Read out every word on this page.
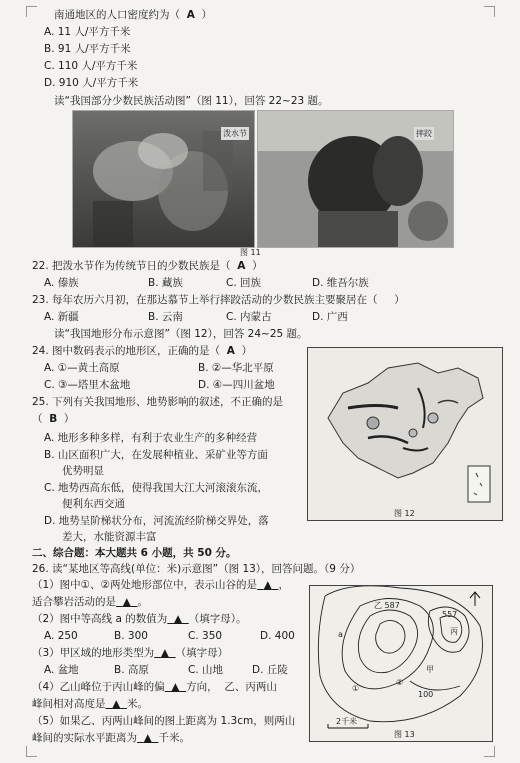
南通地区的人口密度约为（ A ）
A. 11 人/平方千米
B. 91 人/平方千米
C. 110 人/平方千米
D. 910 人/平方千米
读“我国部分少数民族活动图”（图 11），回答 22~23 题。
泼水节	摔跤
图 11
22. 把泼水节作为传统节日的少数民族是（ A ）
A. 傣族	B. 藏族	C. 回族	D. 维吾尔族
23. 每年农历六月初，在那达慕节上举行摔跤活动的少数民族主要聚居在（ ）
A. 新疆	B. 云南	C. 内蒙古	D. 广西
读“我国地形分布示意图”（图 12），回答 24~25 题。
24. 图中数码表示的地形区，正确的是（ A ）
A. ①—黄土高原	B. ②—华北平原
C. ③—塔里木盆地	D. ④—四川盆地
25. 下列有关我国地形、地势影响的叙述，不正确的是
（ B ）
A. 地形多种多样，有利于农业生产的多种经营
B. 山区面积广大，在发展种植业、采矿业等方面
优势明显
C. 地势西高东低，使得我国大江大河滚滚东流，
便利东西交通
D. 地势呈阶梯状分布，河流流经阶梯交界处，落
差大，水能资源丰富
图 12
二、综合题：本大题共 6 小题，共 50 分。
26. 读“某地区等高线(单位：米)示意图”（图 13），回答问题。（9 分）
（1）图中①、②两处地形部位中，表示山谷的是 ▲ ，
适合攀岩活动的是 ▲ 。
（2）图中等高线 a 的数值为 ▲ （填字母）。
A. 250	B. 300	C. 350	D. 400
（3）甲区域的地形类型为 ▲ （填字母）
A. 盆地	B. 高原	C. 山地	D. 丘陵
（4）乙山峰位于丙山峰的偏 ▲ 方向， 乙、丙两山
峰间相对高度是 ▲ 米。
（5）如果乙、丙两山峰间的图上距离为 1.3cm，则两山
峰间的实际水平距离为 ▲ 千米。
乙 587
557
丙
甲
a
100
①
②
2千米
图 13
